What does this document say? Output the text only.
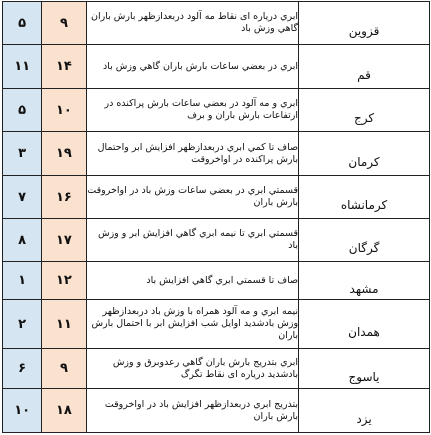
۵	۹	ابري درياره اى نقاط مه آلود دربعدازظهر بارش باران گاهي وزش باد	قزوين
۱۱	۱۴	ابري در بعضي ساعات بارش باران گاهي وزش باد	قم
۵	۱۰	ابري و مه آلود در بعضي ساعات بارش پراكنده در ارتفاعات بارش باران و برف	كرج
۳	۱۹	صاف تا كمي ابري دربعدازظهر افزايش ابر واحتمال بارش پراكنده در اواخروقت	كرمان
۷	۱۶	قسمتي ابري در بعضي ساعات وزش باد در اواخروقت بارش باران	كرمانشاه
۸	۱۷	قسمتي ابري تا نيمه ابري گاهي افزايش ابر و وزش باد	گرگان
۱	۱۲	صاف تا قسمتي ابري گاهي افزايش باد	مشهد
۲	۱۱	نيمه ابري و مه آلود همراه با وزش باد دربعدازظهر وزش بادشديد اوايل شب افزايش ابر با احتمال بارش باران	همدان
۶	۹	ابري بتدريج بارش باران گاهي رعدوبرق و وزش بادشديد درياره اى نقاط تگرگ	ياسوج
۱۰	۱۸	بتدريج ابري دربعدازظهر افزايش باد در اواخروقت بارش باران	يزد
